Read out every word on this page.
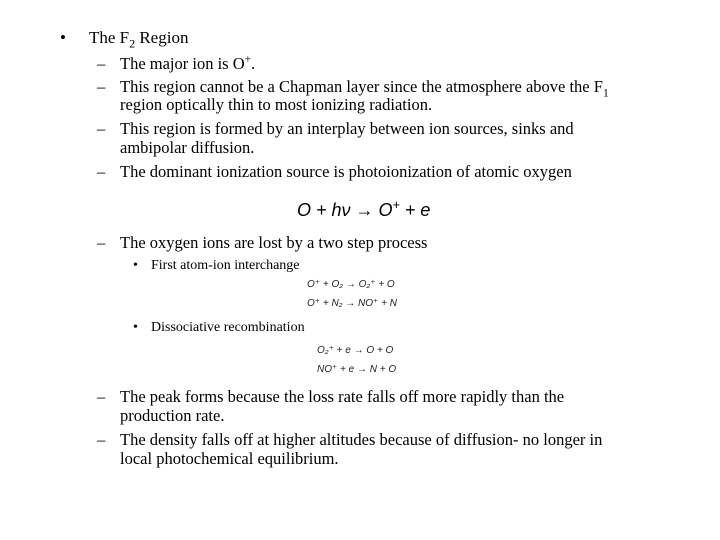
• The $F_2$ Region
– The major ion is O+.
– This region cannot be a Chapman layer since the atmosphere above the $F_1$
region optically thin to most ionizing radiation.
– This region is formed by an interplay between ion sources, sinks and
ambipolar diffusion.
– The dominant ionization source is photoionization of atomic oxygen
O + hν → O+ + e
– The oxygen ions are lost by a two step process
• First atom-ion interchange
O⁺ + O₂ → O₂⁺ + O
O⁺ + N₂ → NO⁺ + N
• Dissociative recombination
O₂⁺ + e → O + O
NO⁺ + e → N + O
– The peak forms because the loss rate falls off more rapidly than the
production rate.
– The density falls off at higher altitudes because of diffusion- no longer in
local photochemical equilibrium.
